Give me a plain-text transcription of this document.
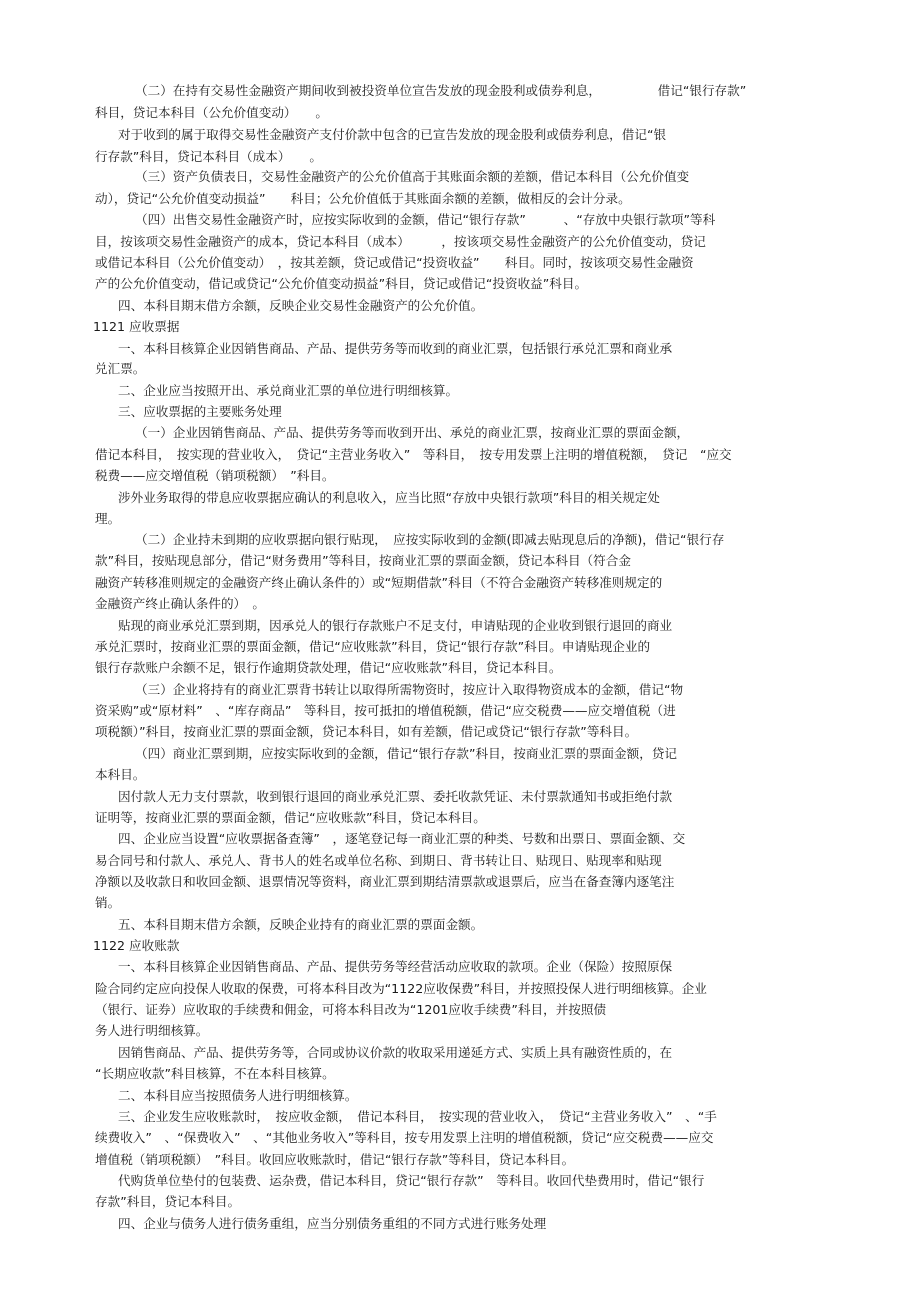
（二）在持有交易性金融资产期间收到被投资单位宣告发放的现金股利或债券利息，　　　　　借记“银行存款”
科目，贷记本科目（公允价值变动）　　。
对于收到的属于取得交易性金融资产支付价款中包含的已宣告发放的现金股利或债券利息，借记“银
行存款”科目，贷记本科目（成本）　　。
（三）资产负债表日，交易性金融资产的公允价值高于其账面余额的差额，借记本科目（公允价值变
动），贷记“公允价值变动损益”　　科目；公允价值低于其账面余额的差额，做相反的会计分录。
（四）出售交易性金融资产时，应按实际收到的金额，借记“银行存款”　　　、“存放中央银行款项”等科
目，按该项交易性金融资产的成本，贷记本科目（成本）　　　，按该项交易性金融资产的公允价值变动，贷记
或借记本科目（公允价值变动）　，按其差额，贷记或借记“投资收益”　　科目。同时，按该项交易性金融资
产的公允价值变动，借记或贷记“公允价值变动损益”科目，贷记或借记“投资收益”科目。
四、本科目期末借方余额，反映企业交易性金融资产的公允价值。
1121 应收票据
一、本科目核算企业因销售商品、产品、提供劳务等而收到的商业汇票，包括银行承兑汇票和商业承
兑汇票。
二、企业应当按照开出、承兑商业汇票的单位进行明细核算。
三、应收票据的主要账务处理
（一）企业因销售商品、产品、提供劳务等而收到开出、承兑的商业汇票，按商业汇票的票面金额，
借记本科目，　按实现的营业收入，　贷记“主营业务收入”　等科目，　按专用发票上注明的增值税额，　贷记　“应交
税费——应交增值税（销项税额）　”科目。
涉外业务取得的带息应收票据应确认的利息收入，应当比照“存放中央银行款项”科目的相关规定处
理。
（二）企业持未到期的应收票据向银行贴现，　应按实际收到的金额(即减去贴现息后的净额)，借记“银行存
款”科目，按贴现息部分，借记“财务费用”等科目，按商业汇票的票面金额，贷记本科目（符合金
融资产转移准则规定的金融资产终止确认条件的）或“短期借款”科目（不符合金融资产转移准则规定的
金融资产终止确认条件的）　。
贴现的商业承兑汇票到期，因承兑人的银行存款账户不足支付，申请贴现的企业收到银行退回的商业
承兑汇票时，按商业汇票的票面金额，借记“应收账款”科目，贷记“银行存款”科目。申请贴现企业的
银行存款账户余额不足，银行作逾期贷款处理，借记“应收账款”科目，贷记本科目。
（三）企业将持有的商业汇票背书转让以取得所需物资时，按应计入取得物资成本的金额，借记“物
资采购”或“原材料”　、“库存商品”　等科目，按可抵扣的增值税额，借记“应交税费——应交增值税（进
项税额）”科目，按商业汇票的票面金额，贷记本科目，如有差额，借记或贷记“银行存款”等科目。
（四）商业汇票到期，应按实际收到的金额，借记“银行存款”科目，按商业汇票的票面金额，贷记
本科目。
因付款人无力支付票款，收到银行退回的商业承兑汇票、委托收款凭证、未付票款通知书或拒绝付款
证明等，按商业汇票的票面金额，借记“应收账款”科目，贷记本科目。
四、企业应当设置“应收票据备查簿”　，逐笔登记每一商业汇票的种类、号数和出票日、票面金额、交
易合同号和付款人、承兑人、背书人的姓名或单位名称、到期日、背书转让日、贴现日、贴现率和贴现
净额以及收款日和收回金额、退票情况等资料，商业汇票到期结清票款或退票后，应当在备查簿内逐笔注
销。
五、本科目期末借方余额，反映企业持有的商业汇票的票面金额。
1122 应收账款
一、本科目核算企业因销售商品、产品、提供劳务等经营活动应收取的款项。企业（保险）按照原保
险合同约定应向投保人收取的保费，可将本科目改为“1122应收保费”科目，并按照投保人进行明细核算。企业
（银行、证券）应收取的手续费和佣金，可将本科目改为“1201应收手续费”科目，并按照债
务人进行明细核算。
因销售商品、产品、提供劳务等，合同或协议价款的收取采用递延方式、实质上具有融资性质的，在
“长期应收款”科目核算，不在本科目核算。
二、本科目应当按照债务人进行明细核算。
三、企业发生应收账款时，　按应收金额，　借记本科目，　按实现的营业收入，　贷记“主营业务收入”　、“手
续费收入”　、“保费收入”　、“其他业务收入”等科目，按专用发票上注明的增值税额，贷记“应交税费——应交
增值税（销项税额）　”科目。收回应收账款时，借记“银行存款”等科目，贷记本科目。
代购货单位垫付的包装费、运杂费，借记本科目，贷记“银行存款”　等科目。收回代垫费用时，借记“银行
存款”科目，贷记本科目。
四、企业与债务人进行债务重组，应当分别债务重组的不同方式进行账务处理
